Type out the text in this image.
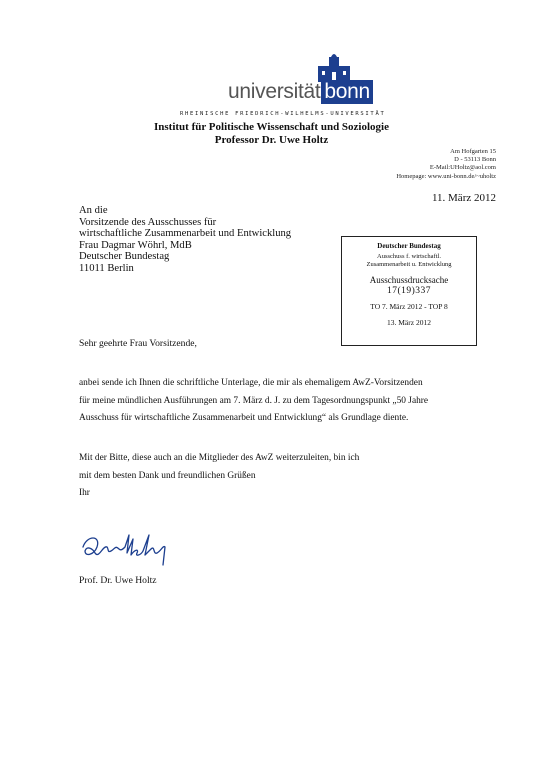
universität bonn
RHEINISCHE FRIEDRICH-WILHELMS-UNIVERSITÄT
Institut für Politische Wissenschaft und Soziologie
Professor Dr. Uwe Holtz
Am Hofgarten 15
D - 53113 Bonn
E-Mail:UHoltz@aol.com
Homepage: www.uni-bonn.de/~uholtz
11. März 2012
An die
Vorsitzende des Ausschusses für
wirtschaftliche Zusammenarbeit und Entwicklung
Frau Dagmar Wöhrl, MdB
Deutscher Bundestag
11011 Berlin
Deutscher Bundestag
Ausschuss f. wirtschaftl.
Zusammenarbeit u. Entwicklung
Ausschussdrucksache
17(19)337
TO 7. März 2012 - TOP 8
13. März 2012
Sehr geehrte Frau Vorsitzende,
anbei sende ich Ihnen die schriftliche Unterlage, die mir als ehemaligem AwZ-Vorsitzenden
für meine mündlichen Ausführungen am 7. März d. J. zu dem Tagesordnungspunkt „50 Jahre
Ausschuss für wirtschaftliche Zusammenarbeit und Entwicklung“ als Grundlage diente.
Mit der Bitte, diese auch an die Mitglieder des AwZ weiterzuleiten, bin ich
mit dem besten Dank und freundlichen Grüßen
Ihr
Prof. Dr. Uwe Holtz
